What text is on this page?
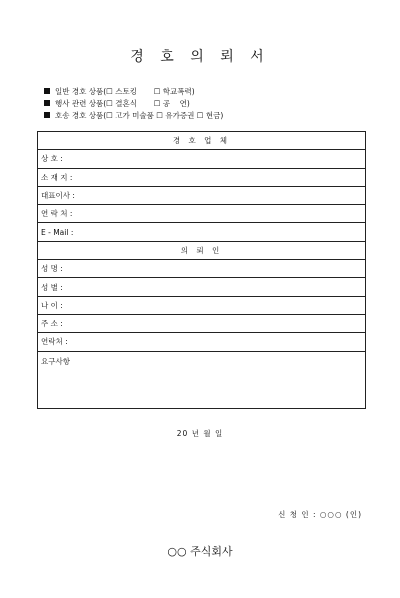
경 호 의 뢰 서
일반 경호 상품(☐ 스토킹       ☐ 학교폭력)
행사 관련 상품(☐ 결혼식       ☐ 공    연)
호송 경호 상품(☐ 고가 미술품 ☐ 유가증권 ☐ 현금)
경 호 업 체
상 호 :
소 재 지 :
대표이사 :
연 락 처 :
E - Mail :
의 뢰 인
성 명 :
성 별 :
나 이 :
주 소 :
연락처 :
요구사항
20 년 월 일
신 청 인 : ○○○ (인)
○○ 주식회사
